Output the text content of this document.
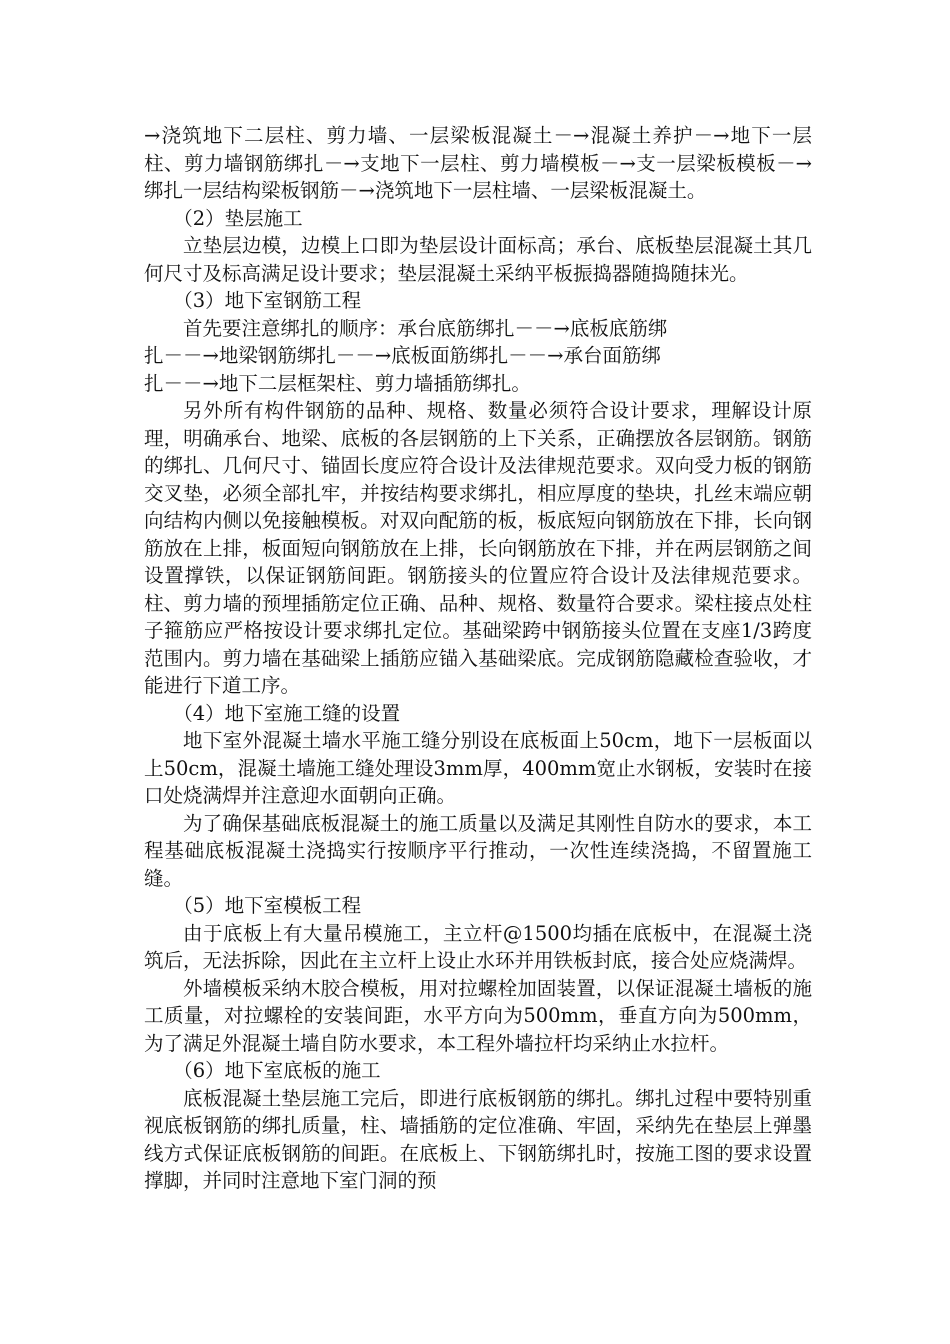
→浇筑地下二层柱、剪力墙、一层梁板混凝土－→混凝土养护－→地下一层柱、剪力墙钢筋绑扎－→支地下一层柱、剪力墙模板－→支一层梁板模板－→绑扎一层结构梁板钢筋－→浇筑地下一层柱墙、一层梁板混凝土。

（2）垫层施工

立垫层边模，边模上口即为垫层设计面标高；承台、底板垫层混凝土其几何尺寸及标高满足设计要求；垫层混凝土采纳平板振捣器随捣随抹光。

（3）地下室钢筋工程

首先要注意绑扎的顺序：承台底筋绑扎－－→底板底筋绑
扎－－→地梁钢筋绑扎－－→底板面筋绑扎－－→承台面筋绑
扎－－→地下二层框架柱、剪力墙插筋绑扎。

另外所有构件钢筋的品种、规格、数量必须符合设计要求，理解设计原理，明确承台、地梁、底板的各层钢筋的上下关系，正确摆放各层钢筋。钢筋的绑扎、几何尺寸、锚固长度应符合设计及法律规范要求。双向受力板的钢筋交叉垫，必须全部扎牢，并按结构要求绑扎，相应厚度的垫块，扎丝末端应朝向结构内侧以免接触模板。对双向配筋的板，板底短向钢筋放在下排，长向钢筋放在上排，板面短向钢筋放在上排，长向钢筋放在下排，并在两层钢筋之间设置撑铁，以保证钢筋间距。钢筋接头的位置应符合设计及法律规范要求。柱、剪力墙的预埋插筋定位正确、品种、规格、数量符合要求。梁柱接点处柱子箍筋应严格按设计要求绑扎定位。基础梁跨中钢筋接头位置在支座1/3跨度范围内。剪力墙在基础梁上插筋应锚入基础梁底。完成钢筋隐藏检查验收，才能进行下道工序。

（4）地下室施工缝的设置

地下室外混凝土墙水平施工缝分别设在底板面上50cm，地下一层板面以上50cm，混凝土墙施工缝处理设3mm厚，400mm宽止水钢板，安装时在接口处烧满焊并注意迎水面朝向正确。

为了确保基础底板混凝土的施工质量以及满足其刚性自防水的要求，本工程基础底板混凝土浇捣实行按顺序平行推动，一次性连续浇捣，不留置施工缝。

（5）地下室模板工程

由于底板上有大量吊模施工，主立杆@1500均插在底板中，在混凝土浇筑后，无法拆除，因此在主立杆上设止水环并用铁板封底，接合处应烧满焊。

外墙模板采纳木胶合模板，用对拉螺栓加固装置，以保证混凝土墙板的施工质量，对拉螺栓的安装间距，水平方向为500mm，垂直方向为500mm，为了满足外混凝土墙自防水要求，本工程外墙拉杆均采纳止水拉杆。

（6）地下室底板的施工

底板混凝土垫层施工完后，即进行底板钢筋的绑扎。绑扎过程中要特别重视底板钢筋的绑扎质量，柱、墙插筋的定位准确、牢固，采纳先在垫层上弹墨线方式保证底板钢筋的间距。在底板上、下钢筋绑扎时，按施工图的要求设置撑脚，并同时注意地下室门洞的预
